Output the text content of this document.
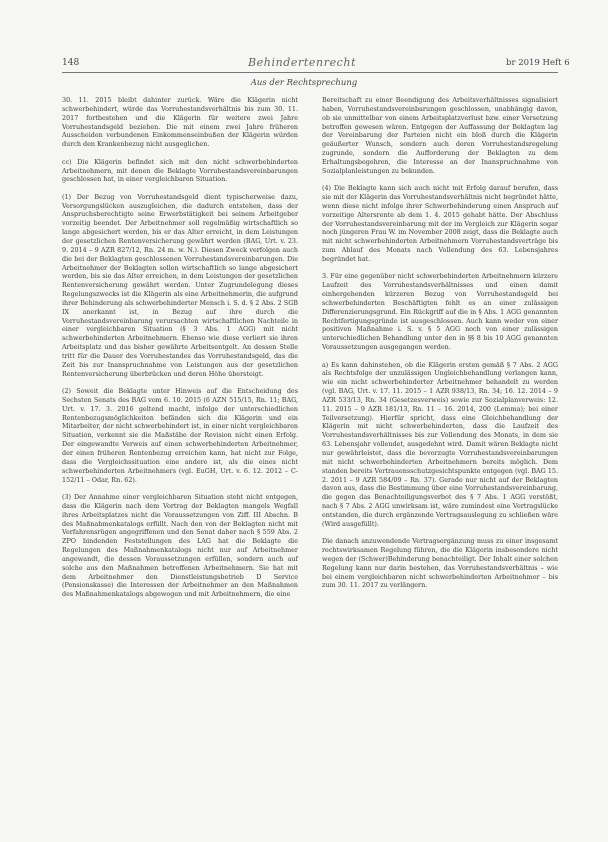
148	Behindertenrecht	br 2019 Heft 6
Aus der Rechtsprechung

30. 11. 2015 bleibt dahinter zurück. Wäre die Klägerin nicht schwerbehindert, würde das Vorruhestandsverhältnis bis zum 30. 11. 2017 fortbestehen und die Klägerin für weitere zwei Jahre Vorruhestandsgeld beziehen. Die mit einem zwei Jahre früheren Ausscheiden verbundenen Einkommenseinbußen der Klägerin würden durch den Krankenbezug nicht ausgeglichen.

cc) Die Klägerin befindet sich mit den nicht schwerbehinderten Arbeitnehmern, mit denen die Beklagte Vorruhestandsvereinbarungen geschlossen hat, in einer vergleichbaren Situation.

(1) Der Bezug von Vorruhestandsgeld dient typischerweise dazu, Versorgungslücken auszugleichen, die dadurch entstehen, dass der Anspruchsberechtigte seine Erwerbstätigkeit bei seinem Arbeitgeber vorzeitig beendet. Der Arbeitnehmer soll regelmäßig wirtschaftlich so lange abgesichert werden, bis er das Alter erreicht, in dem Leistungen der gesetzlichen Rentenversicherung gewährt werden (BAG, Urt. v. 23. 9. 2014 – 9 AZR 827/12, Rn. 24 m. w. N.). Diesen Zweck verfolgen auch die bei der Beklagten geschlossenen Vorruhestandsvereinbarungen. Die Arbeitnehmer der Beklagten sollen wirtschaftlich so lange abgesichert werden, bis sie das Alter erreichen, in dem Leistungen der gesetzlichen Rentenversicherung gewährt werden. Unter Zugrundelegung dieses Regelungszwecks ist die Klägerin als eine Arbeitnehmerin, die aufgrund ihrer Behinderung als schwerbehinderter Mensch i. S. d. § 2 Abs. 2 SGB IX anerkannt ist, in Bezug auf ihre durch die Vorruhestandsvereinbarung verursachten wirtschaftlichen Nachteile in einer vergleichbaren Situation (§ 3 Abs. 1 AGG) mit nicht schwerbehinderten Arbeitnehmern. Ebenso wie diese verliert sie ihren Arbeitsplatz und das bisher gewährte Arbeitsentgelt. An dessen Stelle tritt für die Dauer des Vorruhestandes das Vorruhestandsgeld, das die Zeit bis zur Inanspruchnahme von Leistungen aus der gesetzlichen Rentenversicherung überbrücken und deren Höhe übersteigt.

(2) Soweit die Beklagte unter Hinweis auf die Entscheidung des Sechsten Senats des BAG vom 6. 10. 2015 (6 AZN 515/15, Rn. 11; BAG, Urt. v. 17. 3. 2016 geltend macht, infolge der unterschiedlichen Rentenbezugsmöglichkeiten befänden sich die Klägerin und ein Mitarbeiter, der nicht schwerbehindert ist, in einer nicht vergleichbaren Situation, verkennt sie die Maßstäbe der Revision nicht einen Erfolg. Der eingewandte Verweis auf einen schwerbehinderten Arbeitnehmer, der einen früheren Rentenbezug erreichen kann, hat nicht zur Folge, dass die Vergleichssituation eine andere ist, als die eines nicht schwerbehinderten Arbeitnehmers (vgl. EuGH, Urt. v. 6. 12. 2012 – C-152/11 – Odar, Rn. 62).

(3) Der Annahme einer vergleichbaren Situation steht nicht entgegen, dass die Klägerin nach dem Vortrag der Beklagten mangels Wegfall ihres Arbeitsplatzes nicht die Voraussetzungen von Ziff. III Abschn. B des Maßnahmenkatalogs erfüllt. Nach den von der Beklagten nicht mit Verfahrensrügen angegriffenen und den Senat daher nach § 559 Abs. 2 ZPO bindenden Feststellungen des LAG hat die Beklagte die Regelungen des Maßnahmenkatalogs nicht nur auf Arbeitnehmer angewandt, die dessen Voraussetzungen erfüllen, sondern auch auf solche aus den Maßnahmen betroffenen Arbeitnehmern. Sie hat mit dem Arbeitnehmer den Dienstleistungsbetrieb D Service (Pensionskasse) die Interessen der Arbeitnehmer an den Maßnahmen des Maßnahmenkatalogs abgewogen und mit Arbeitnehmern, die eine

Bereitschaft zu einer Beendigung des Arbeitsverhältnisses signalisiert haben, Vorruhestandsvereinbarungen geschlossen, unabhängig davon, ob sie unmittelbar von einem Arbeitsplatzverlust bzw. einer Versetzung betroffen gewesen wären. Entgegen der Auffassung der Beklagten lag der Vereinbarung der Parteien nicht ein bloß durch die Klägerin geäußerter Wunsch, sondern auch deren Vorruhestandsregelung zugrunde, sondern die Aufforderung der Beklagten zu dem Erhaltungsbegehren, die Interesse an der Inanspruchnahme von Sozialplanleistungen zu bekunden.

(4) Die Beklagte kann sich auch nicht mit Erfolg darauf berufen, dass sie mit der Klägerin das Vorruhestandsverhältnis nicht begründet hätte, wenn diese nicht infolge ihrer Schwerbehinderung einen Anspruch auf vorzeitige Altersrente ab dem 1. 4. 2015 gehabt hätte. Der Abschluss der Vorruhestandsvereinbarung mit der im Vergleich zur Klägerin sogar noch jüngeren Frau W. im November 2008 zeigt, dass die Beklagte auch mit nicht schwerbehinderten Arbeitnehmern Vorruhestandsverträge bis zum Ablauf des Monats nach Vollendung des 63. Lebensjahres begründet hat.

3. Für eine gegenüber nicht schwerbehinderten Arbeitnehmern kürzere Laufzeit des Vorruhestandsverhältnisses und einen damit einhergehenden kürzeren Bezug von Vorruhestandsgeld bei schwerbehinderten Beschäftigten fehlt es an einer zulässigen Differenzierungsgrund. Ein Rückgriff auf die in § Abs. 1 AGG genannten Rechtfertigungsgründe ist ausgeschlossen. Auch kann weder von einer positiven Maßnahme i. S. v. § 5 AGG noch von einer zulässigen unterschiedlichen Behandlung unter den in §§ 8 bis 10 AGG genannten Voraussetzungen ausgegangen werden.

a) Es kann dahinstehen, ob die Klägerin ersten gemäß § 7 Abs. 2 AGG als Rechtsfolge der unzulässigen Ungleichbehandlung verlangen kann, wie ein nicht schwerbehinderter Arbeitnehmer behandelt zu werden (vgl. BAG, Urt. v. 17. 11. 2015 – 1 AZR 938/13, Rn. 34; 16. 12. 2014 – 9 AZR 533/13, Rn. 34 (Gesetzesverweis) sowie zur Sozialplanverweis: 12. 11. 2015 – 9 AZR 181/13, Rn. 11 – 16. 2014, 200 (Lemma); bei einer Teilversetzung). Hierfür spricht, dass eine Gleichbehandlung der Klägerin mit nicht schwerbehinderten, dass die Laufzeit des Vorruhestandsverhältnisses bis zur Vollendung des Monats, in dem sie 63. Lebensjahr vollendet, ausgedehnt wird. Damit wären Beklagte nicht nur gewährleistet, dass die bevorzugte Vorruhestandsvereinbarungen mit nicht schwerbehinderten Arbeitnehmern bereits möglich. Dem standen bereits Vertrauensschutzgesichtspunkte entgegen (vgl. BAG 15. 2. 2011 – 9 AZR 584/09 – Rn. 37). Gerade nur nicht auf der Beklagten davon aus, dass die Bestimmung über eine Vorruhestandsvereinbarung, die gegen das Benachteiligungsverbot des § 7 Abs. 1 AGG verstößt, nach § 7 Abs. 2 AGG unwirksam ist, wäre zumindest eine Vertragslücke entstanden, die durch ergänzende Vertragsauslegung zu schließen wäre (Wird ausgefüllt).

Die danach anzuwendende Vertragsergänzung muss zu einer insgesamt rechtswirksamen Regelung führen, die die Klägerin insbesondere nicht wegen der (Schwer)Behinderung benachteiligt. Der Inhalt einer solchen Regelung kann nur darin bestehen, das Vorruhestandsverhältnis – wie bei einem vergleichbaren nicht schwerbehinderten Arbeitnehmer – bis zum 30. 11. 2017 zu verlängern.
